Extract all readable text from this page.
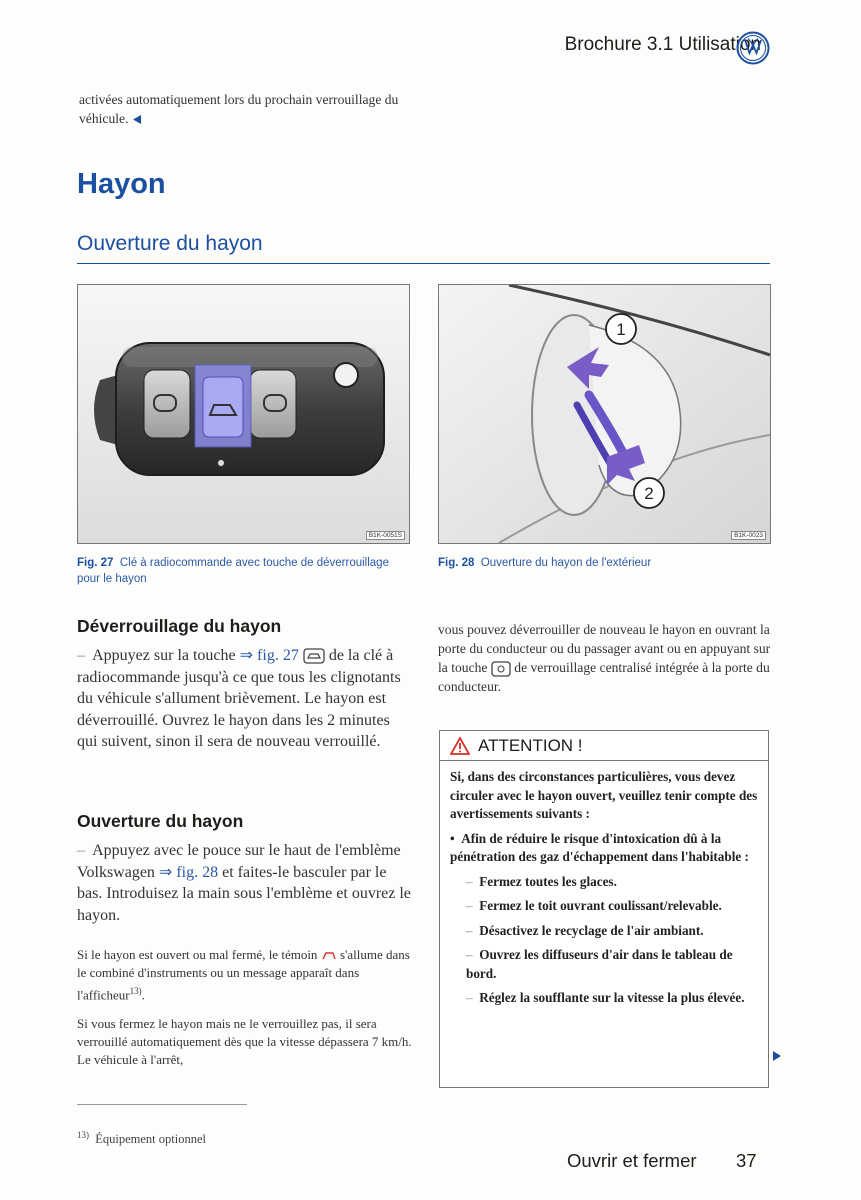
Brochure 3.1 Utilisation
activées automatiquement lors du prochain verrouillage du véhicule.
Hayon
Ouverture du hayon
B1K-0051S
1
2
B1K-0023
Fig. 27 Clé à radiocommande avec touche de déverrouillage pour le hayon
Fig. 28 Ouverture du hayon de l'extérieur
Déverrouillage du hayon
– Appuyez sur la touche ⇒ fig. 27 de la clé à radiocommande jusqu'à ce que tous les clignotants du véhicule s'allument brièvement. Le hayon est déverrouillé. Ouvrez le hayon dans les 2 minutes qui suivent, sinon il sera de nouveau verrouillé.
Ouverture du hayon
– Appuyez avec le pouce sur le haut de l'emblème Volkswagen ⇒ fig. 28 et faites-le basculer par le bas. Introduisez la main sous l'emblème et ouvrez le hayon.
Si le hayon est ouvert ou mal fermé, le témoin s'allume dans le combiné d'instruments ou un message apparaît dans l'afficheur$^{13)}$.
Si vous fermez le hayon mais ne le verrouillez pas, il sera verrouillé automatiquement dès que la vitesse dépassera 7 km/h. Le véhicule à l'arrêt,
vous pouvez déverrouiller de nouveau le hayon en ouvrant la porte du conducteur ou du passager avant ou en appuyant sur la touche de verrouillage centralisé intégrée à la porte du conducteur.
ATTENTION !

Si, dans des circonstances particulières, vous devez circuler avec le hayon ouvert, veuillez tenir compte des avertissements suivants :

•  Afin de réduire le risque d'intoxication dû à la pénétration des gaz d'échappement dans l'habitable :

– Fermez toutes les glaces.

– Fermez le toit ouvrant coulissant/relevable.

– Désactivez le recyclage de l'air ambiant.

– Ouvrez les diffuseurs d'air dans le tableau de bord.

– Réglez la soufflante sur la vitesse la plus élevée.

$^{13)}$ Équipement optionnel
Ouvrir et fermer 37
